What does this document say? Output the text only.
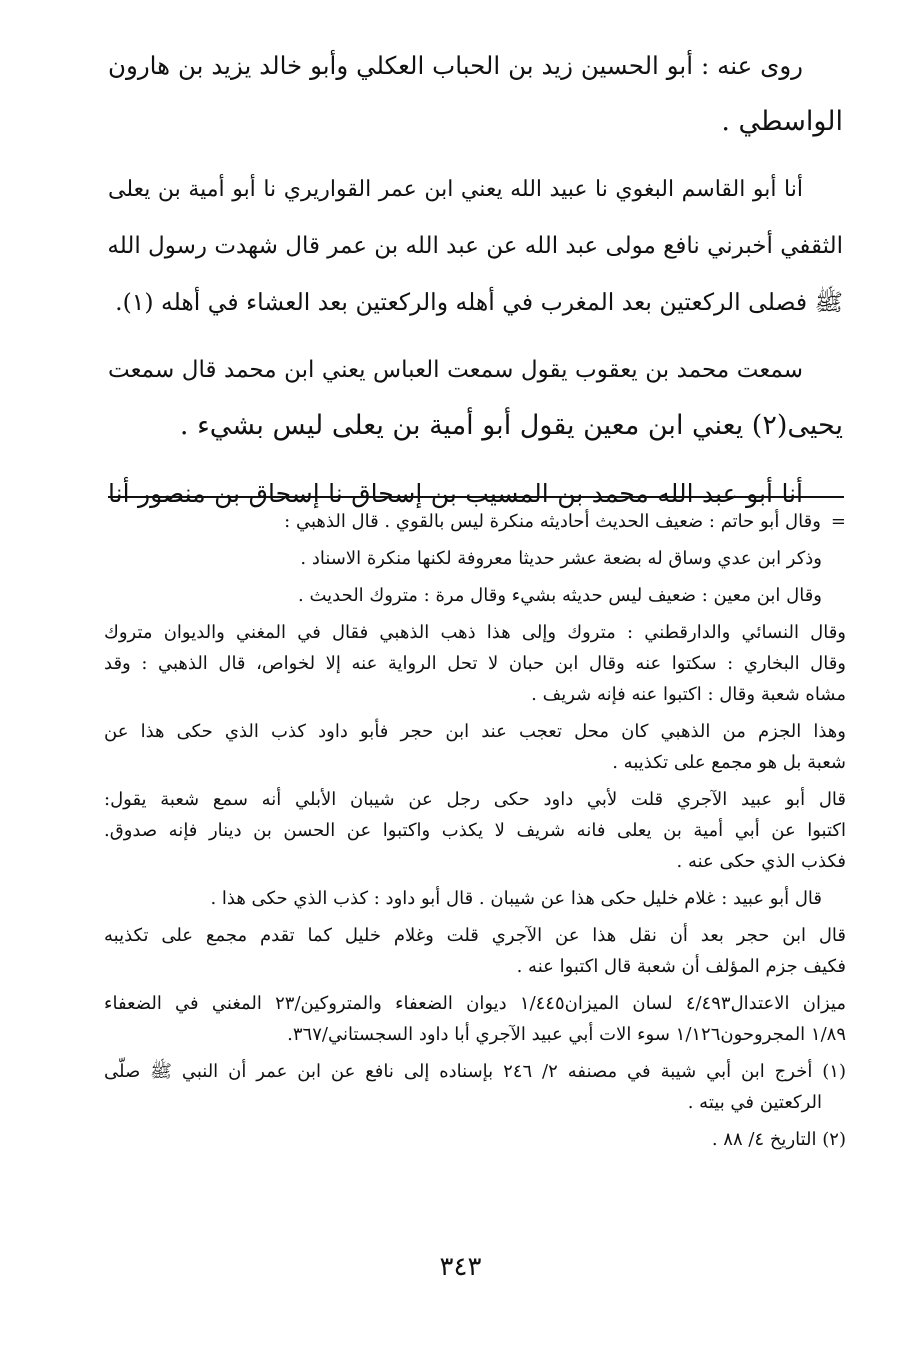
روى عنه : أبو الحسين زيد بن الحباب العكلي وأبو خالد يزيد بن هارون
الواسطي .
أنا أبو القاسم البغوي نا عبيد الله يعني ابن عمر القواريري نا أبو أمية بن يعلى
الثقفي أخبرني نافع مولى عبد الله عن عبد الله بن عمر قال شهدت رسول الله
ﷺ فصلى الركعتين بعد المغرب في أهله والركعتين بعد العشاء في أهله (١).
سمعت محمد بن يعقوب يقول سمعت العباس يعني ابن محمد قال سمعت
يحيى(٢) يعني ابن معين يقول أبو أمية بن يعلى ليس بشيء .
أنا أبو عبد الله محمد بن المسيب بن إسحاق نا إسحاق بن منصور أنا
=وقال أبو حاتم : ضعيف الحديث أحاديثه منكرة ليس بالقوي . قال الذهبي :
وذكر ابن عدي وساق له بضعة عشر حديثا معروفة لكنها منكرة الاسناد .
وقال ابن معين : ضعيف ليس حديثه بشيء وقال مرة : متروك الحديث .
وقال النسائي والدارقطني : متروك وإلى هذا ذهب الذهبي فقال في المغني والديوان متروك
وقال البخاري : سكتوا عنه وقال ابن حبان لا تحل الرواية عنه إلا لخواص، قال الذهبي : وقد
مشاه شعبة وقال : اكتبوا عنه فإنه شريف .
وهذا الجزم من الذهبي كان محل تعجب عند ابن حجر فأبو داود كذب الذي حكى هذا عن
شعبة بل هو مجمع على تكذيبه .
قال أبو عبيد الآجري قلت لأبي داود حكى رجل عن شيبان الأبلي أنه سمع شعبة يقول:
اكتبوا عن أبي أمية بن يعلى فانه شريف لا يكذب واكتبوا عن الحسن بن دينار فإنه صدوق.
فكذب الذي حكى عنه .
قال أبو عبيد : غلام خليل حكى هذا عن شيبان . قال أبو داود : كذب الذي حكى هذا .
قال ابن حجر بعد أن نقل هذا عن الآجري قلت وغلام خليل كما تقدم مجمع على تكذيبه
فكيف جزم المؤلف أن شعبة قال اكتبوا عنه .
ميزان الاعتدال٤/٤٩٣ لسان الميزان١/٤٤٥ ديوان الضعفاء والمتروكين/٢٣ المغني في الضعفاء
١/٨٩ المجروحون١/١٢٦ سوء الات أبي عبيد الآجري أبا داود السجستاني/٣٦٧.
(١) أخرج ابن أبي شيبة في مصنفه ٢/ ٢٤٦ بإسناده إلى نافع عن ابن عمر أن النبي ﷺ صلّى
الركعتين في بيته .
(٢) التاريخ ٤/ ٨٨ .
٣٤٣
